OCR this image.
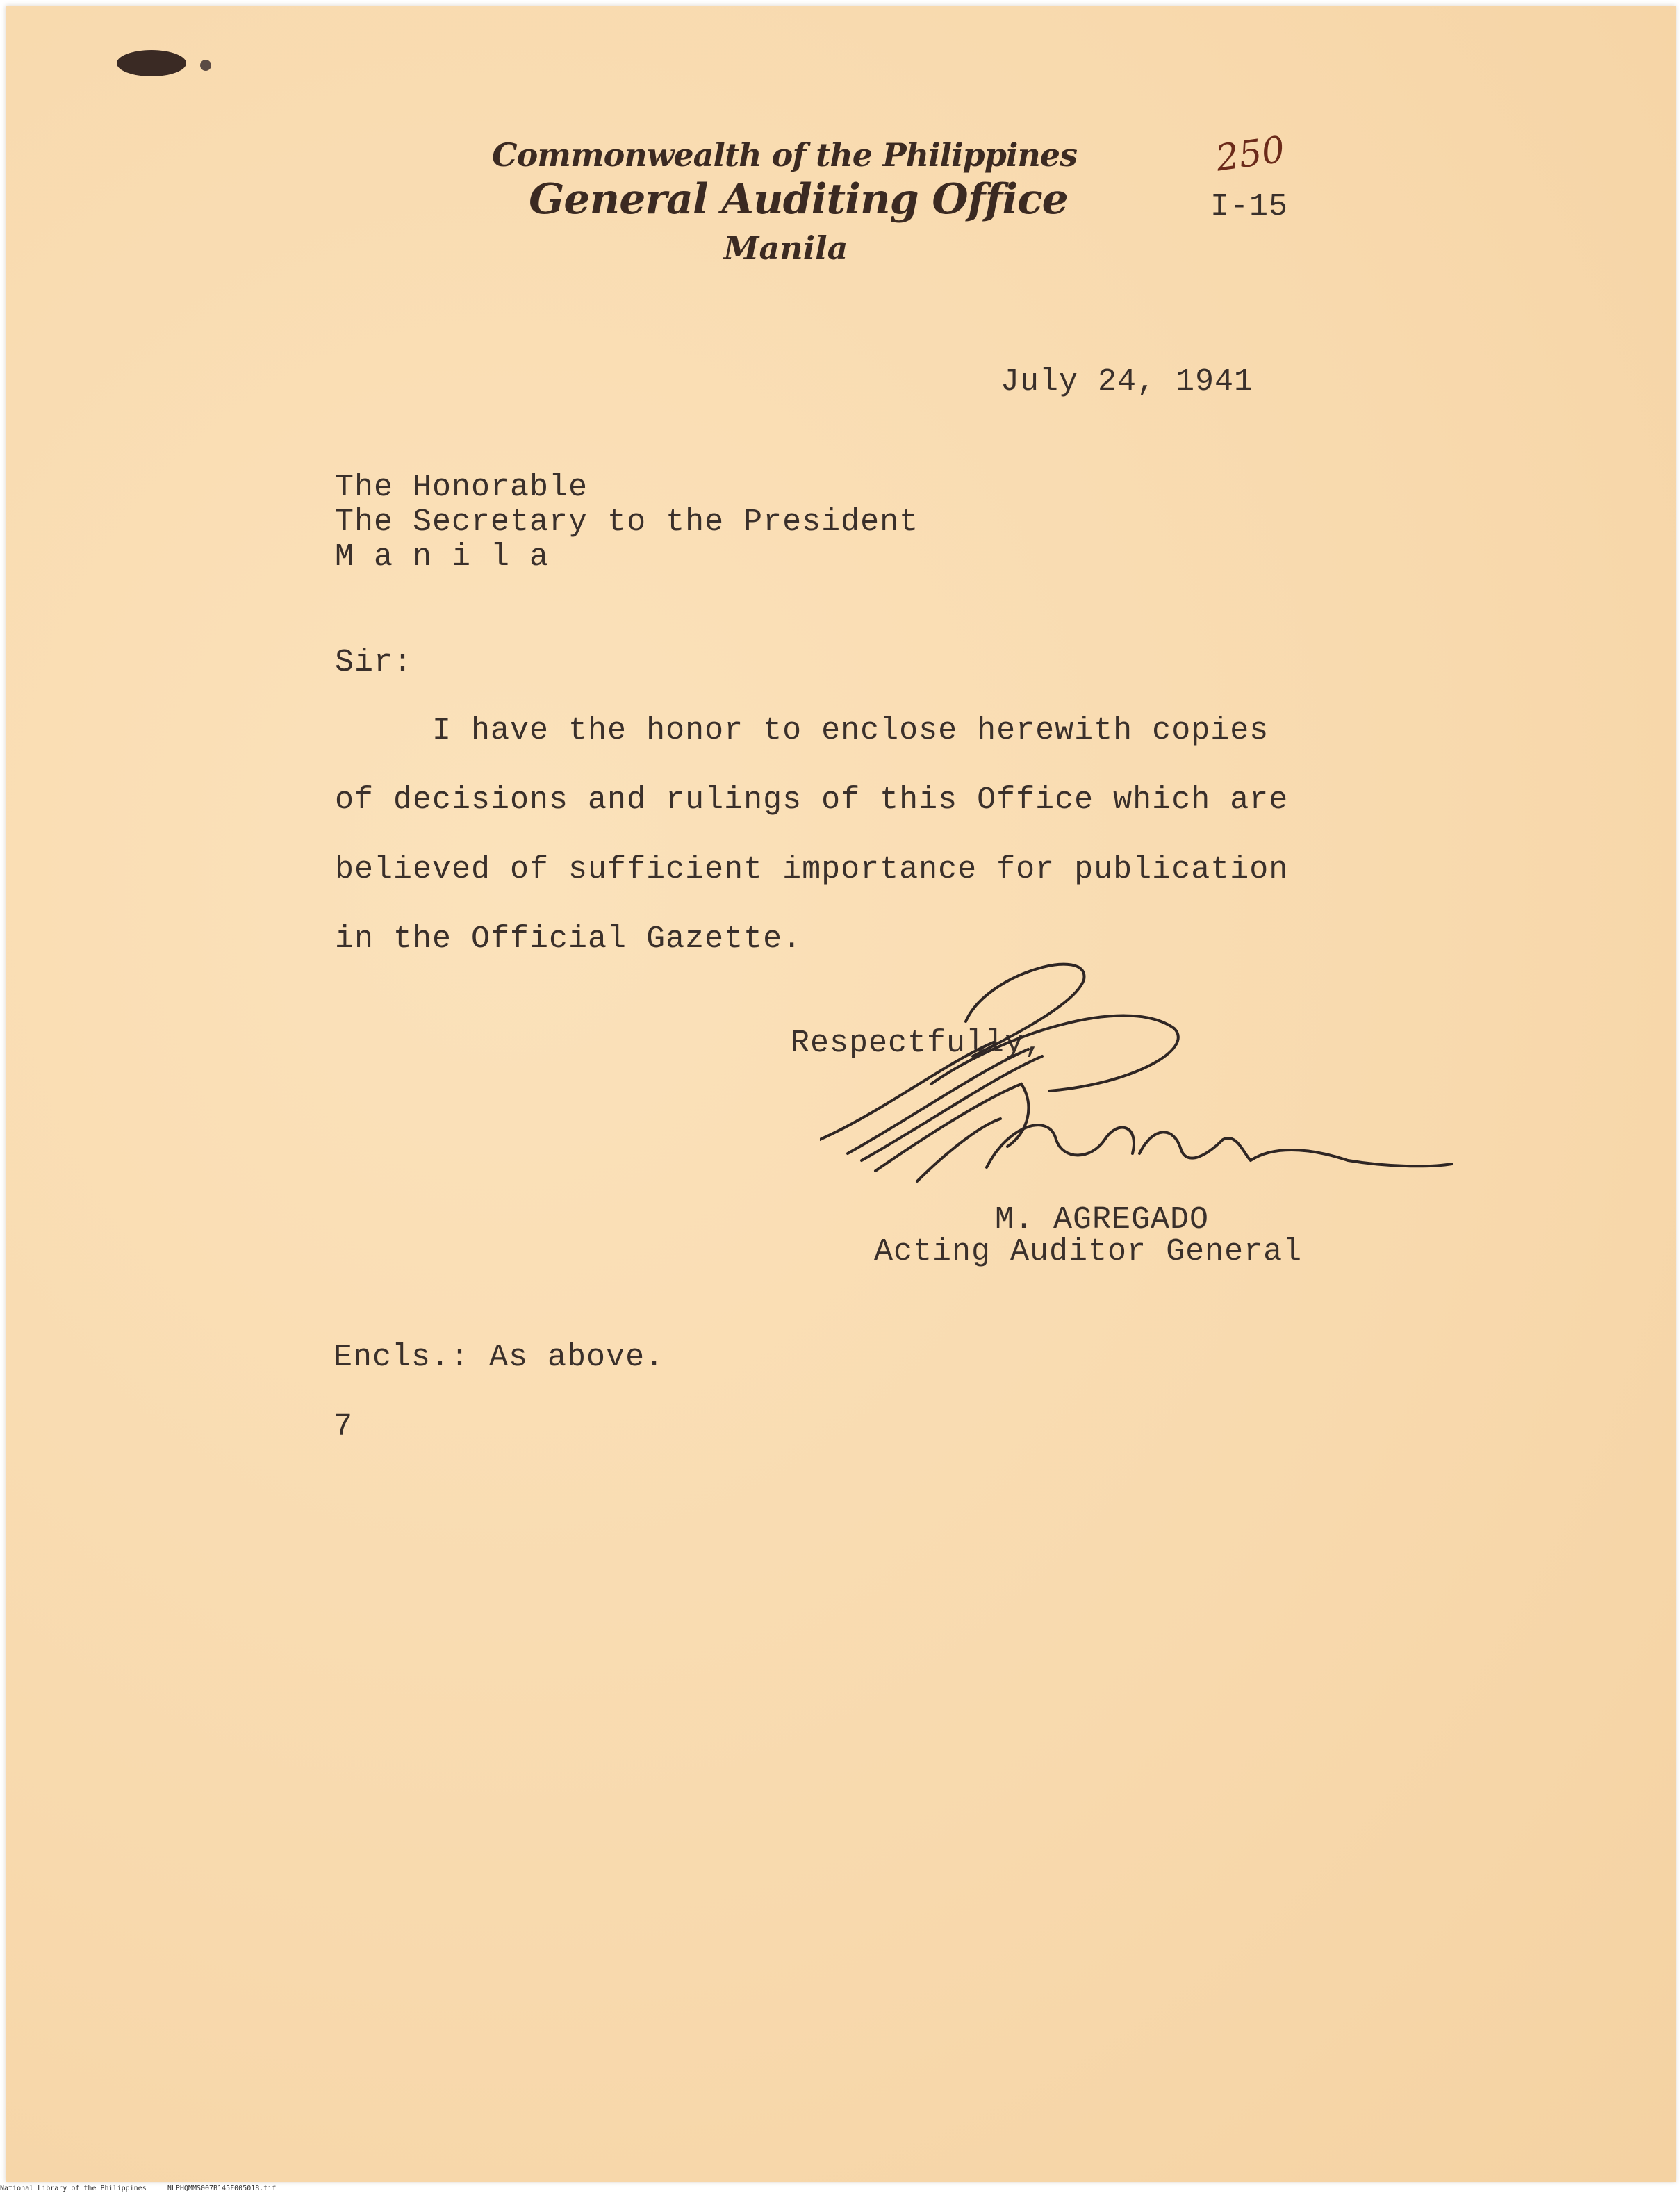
Commonwealth of the Philippines
General Auditing Office
Manila
250
I-15
July 24, 1941
The Honorable
The Secretary to the President
M a n i l a
Sir:
I have the honor to enclose herewith copies
of decisions and rulings of this Office which are
believed of sufficient importance for publication
in the Official Gazette.
Respectfully,
M. AGREGADO
Acting Auditor General
Encls.: As above.
7
National Library of the Philippines     NLPHQMMS007B145F005018.tif
